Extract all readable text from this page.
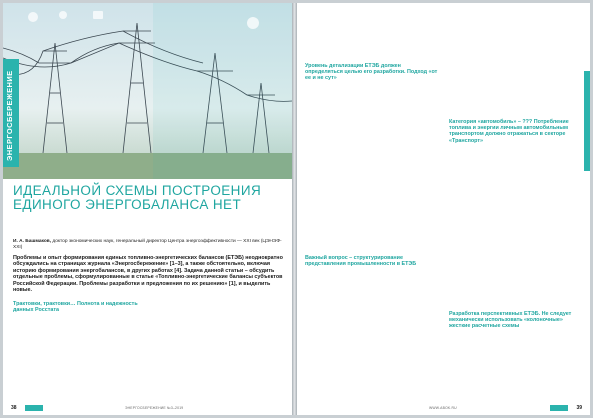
ЭНЕРГОСБЕРЕЖЕНИЕ
ИДЕАЛЬНОЙ СХЕМЫ ПОСТРОЕНИЯ
ЕДИНОГО ЭНЕРГОБАЛАНСА НЕТ
И. А. Башмаков, доктор экономических наук, генеральный директор Центра энергоэффективности — XXI век (ЦЭНЭФ-XXI)
Проблемы и опыт формирования единых топливно-энергетических балансов (ЕТЭБ) неоднократно обсуждались на страницах журнала «Энергосбережение» [1–3], а также обстоятельно, включая историю формирования энергобалансов, в других работах [4]. Задача данной статьи – обсудить отдельные проблемы, сформулированные в статье «Топливно-энергетические балансы субъектов Российской Федерации. Проблемы разработки и предложения по их решению» [1], и выделить новые.
Трактовки, трактовки… Полнота и надежность данных Росстата
38	ЭНЕРГОСБЕРЕЖЕНИЕ №3–2019
Уровень детализации ЕТЭБ должен определяться целью его разработки. Подход «от ее и не сут»
Важный вопрос – структурирование представления промышленности в ЕТЭБ
Категория «автомобиль» – ??? Потребление топлива и энергии личным автомобильным транспортом должно отражаться в секторе «Транспорт»
Разработка перспективных ЕТЭБ. Не следует механически использовать «колоночные» жесткие расчетные схемы
39
WWW.ABOK.RU
